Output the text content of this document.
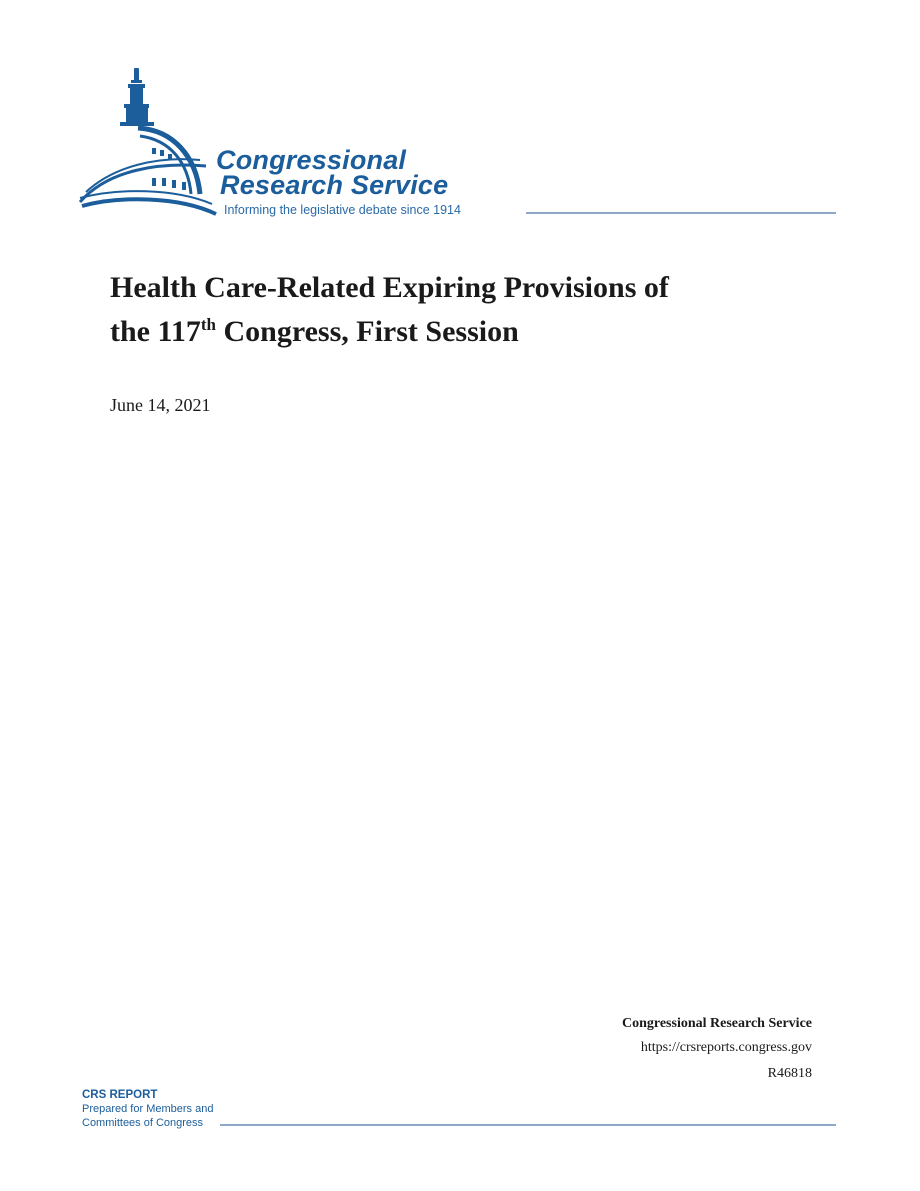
Congressional
Research Service
Informing the legislative debate since 1914
Health Care-Related Expiring Provisions of
the 117th Congress, First Session
June 14, 2021
Congressional Research Service
https://crsreports.congress.gov
R46818
CRS REPORT
Prepared for Members and
Committees of Congress
